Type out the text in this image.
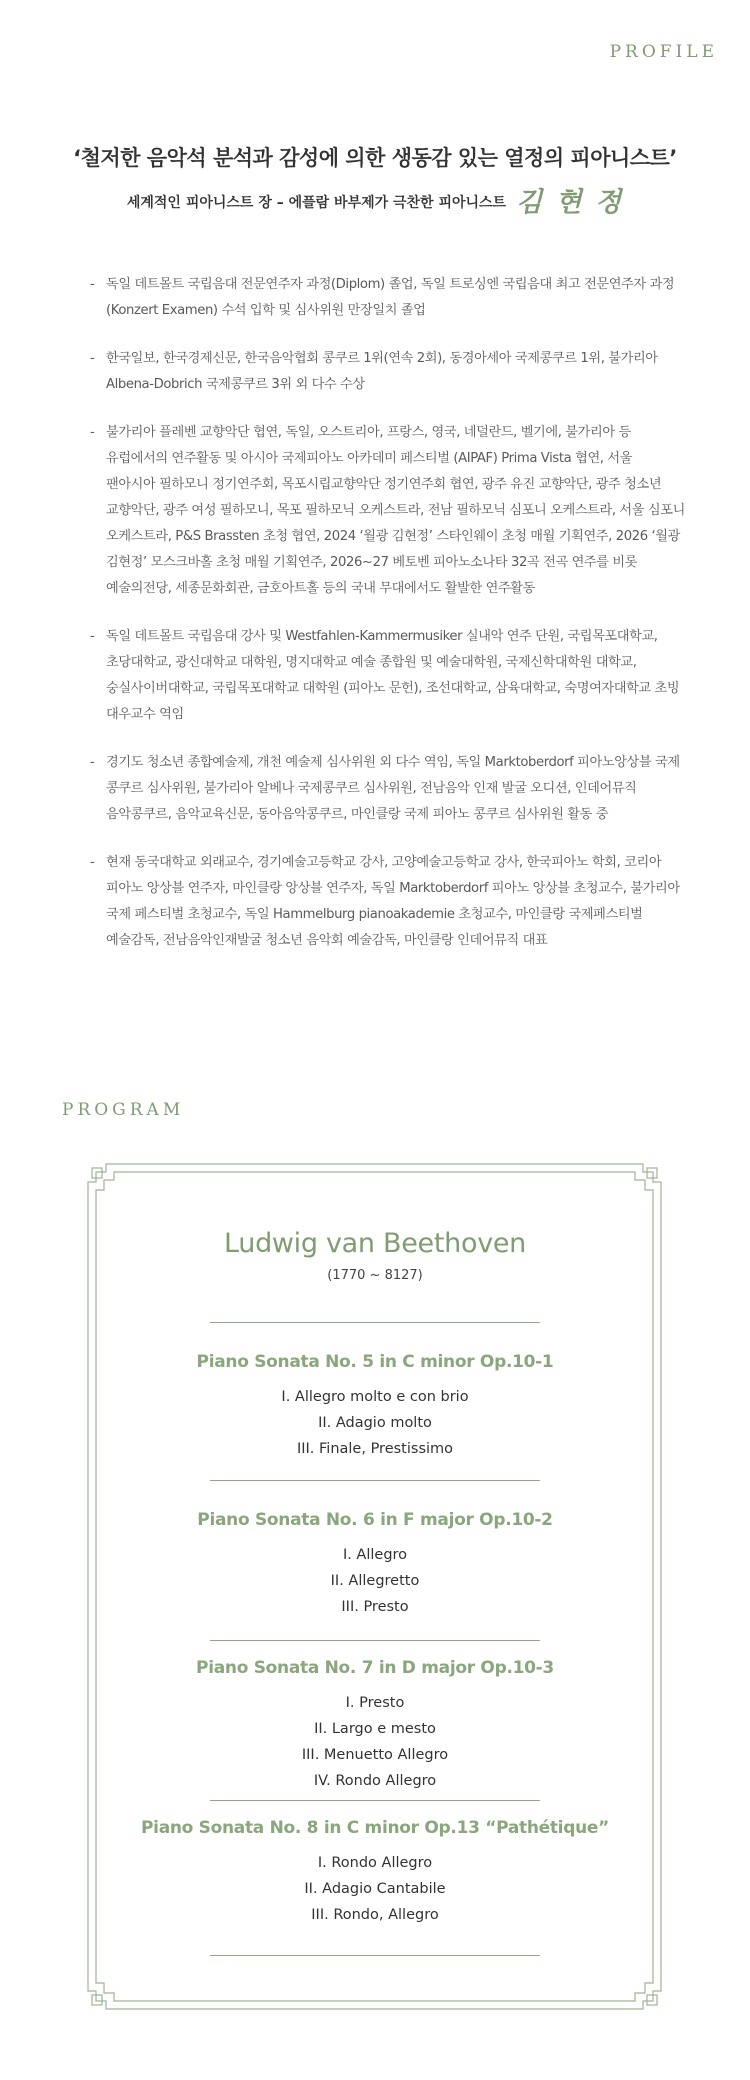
PROFILE
‘철저한 음악석 분석과 감성에 의한 생동감 있는 열정의 피아니스트’
세계적인 피아니스트 장 – 에플람 바부제가 극찬한 피아니스트 김 현 정
- 독일 데트몰트 국립음대 전문연주자 과정(Diplom) 졸업, 독일 트로싱엔 국립음대 최고 전문연주자 과정(Konzert Examen) 수석 입학 및 심사위원 만장일치 졸업
- 한국일보, 한국경제신문, 한국음악협회 콩쿠르 1위(연속 2회), 동경아세아 국제콩쿠르 1위, 불가리아 Albena-Dobrich 국제콩쿠르 3위 외 다수 수상
- 불가리아 플레벤 교향악단 협연, 독일, 오스트리아, 프랑스, 영국, 네덜란드, 벨기에, 불가리아 등 유럽에서의 연주활동 및 아시아 국제피아노 아카데미 페스티벌 (AIPAF) Prima Vista 협연, 서울 팬아시아 필하모니 정기연주회, 목포시립교향악단 정기연주회 협연, 광주 유진 교향악단, 광주 청소년 교향악단, 광주 여성 필하모니, 목포 필하모닉 오케스트라, 전남 필하모닉 심포니 오케스트라, 서울 심포니 오케스트라, P&S Brassten 초청 협연, 2024 ‘월광 김현정’ 스타인웨이 초청 매월 기획연주, 2026 ‘월광 김현정’ 모스크바홀 초청 매월 기획연주, 2026~27 베토벤 피아노소나타 32곡 전곡 연주를 비롯 예술의전당, 세종문화회관, 금호아트홀 등의 국내 무대에서도 활발한 연주활동
- 독일 데트몰트 국립음대 강사 및 Westfahlen-Kammermusiker 실내악 연주 단원, 국립목포대학교, 초당대학교, 광신대학교 대학원, 명지대학교 예술 종합원 및 예술대학원, 국제신학대학원 대학교, 숭실사이버대학교, 국립목포대학교 대학원 (피아노 문헌), 조선대학교, 삼육대학교, 숙명여자대학교 초빙 대우교수 역임
- 경기도 청소년 종합예술제, 개천 예술제 심사위원 외 다수 역임, 독일 Marktoberdorf 피아노앙상블 국제 콩쿠르 심사위원, 불가리아 알베나 국제콩쿠르 심사위원, 전남음악 인재 발굴 오디션, 인데어뮤직 음악콩쿠르, 음악교육신문, 동아음악콩쿠르, 마인클랑 국제 피아노 콩쿠르 심사위원 활동 중
- 현재 동국대학교 외래교수, 경기예술고등학교 강사, 고양예술고등학교 강사, 한국피아노 학회, 코리아 피아노 앙상블 연주자, 마인클랑 앙상블 연주자, 독일 Marktoberdorf 피아노 앙상블 초청교수, 불가리아 국제 페스티벌 초청교수, 독일 Hammelburg pianoakademie 초청교수, 마인클랑 국제페스티벌 예술감독, 전남음악인재발굴 청소년 음악회 예술감독, 마인클랑 인데어뮤직 대표
PROGRAM
Ludwig van Beethoven
(1770 ~ 8127)
Piano Sonata No. 5 in C minor Op.10-1
I. Allegro molto e con brio
II. Adagio molto
III. Finale, Prestissimo
Piano Sonata No. 6 in F major Op.10-2
I. Allegro
II. Allegretto
III. Presto
Piano Sonata No. 7 in D major Op.10-3
I. Presto
II. Largo e mesto
III. Menuetto Allegro
IV. Rondo Allegro
Piano Sonata No. 8 in C minor Op.13 “Pathétique”
I. Rondo Allegro
II. Adagio Cantabile
III. Rondo, Allegro
